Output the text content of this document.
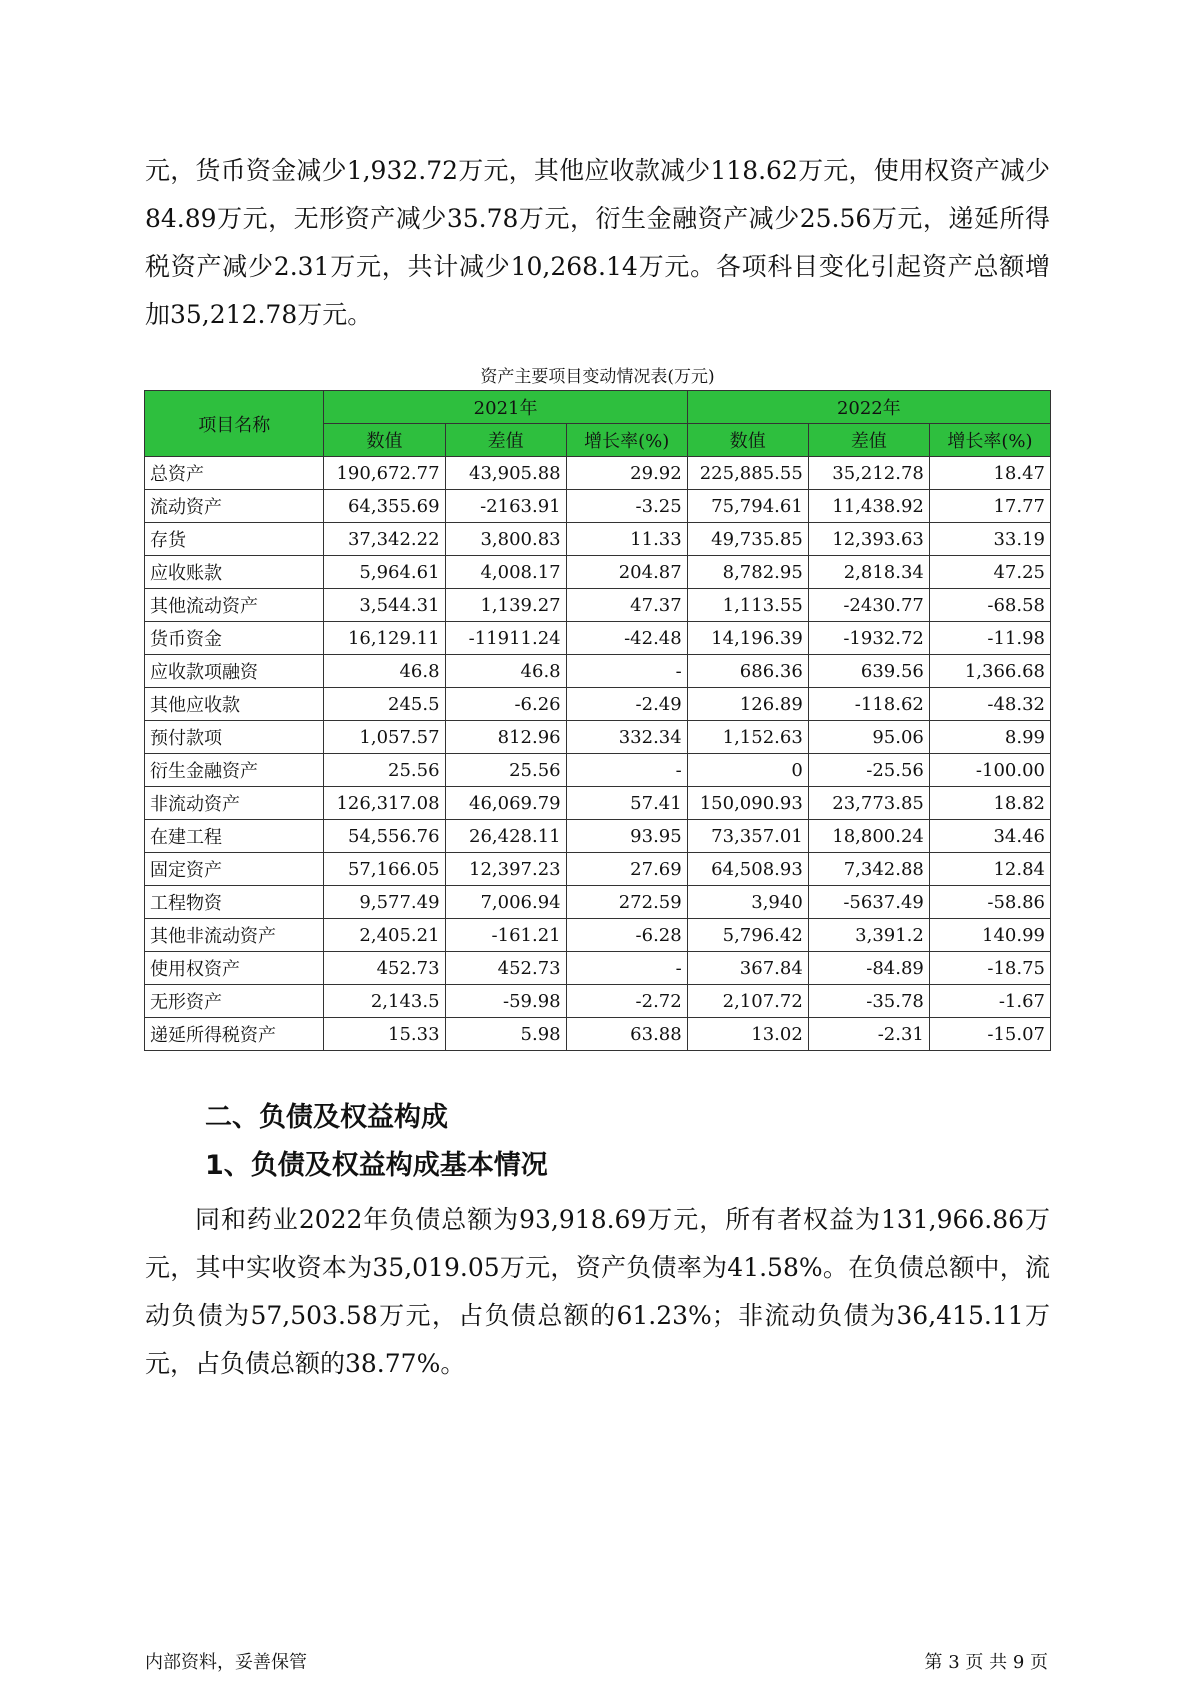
元，货币资金减少1,932.72万元，其他应收款减少118.62万元，使用权资产减少84.89万元，无形资产减少35.78万元，衍生金融资产减少25.56万元，递延所得税资产减少2.31万元，共计减少10,268.14万元。各项科目变化引起资产总额增加35,212.78万元。

资产主要项目变动情况表(万元)
项目名称	2021年			2022年		
	数值	差值	增长率(%)	数值	差值	增长率(%)
总资产	190,672.77	43,905.88	29.92	225,885.55	35,212.78	18.47
流动资产	64,355.69	-2163.91	-3.25	75,794.61	11,438.92	17.77
存货	37,342.22	3,800.83	11.33	49,735.85	12,393.63	33.19
应收账款	5,964.61	4,008.17	204.87	8,782.95	2,818.34	47.25
其他流动资产	3,544.31	1,139.27	47.37	1,113.55	-2430.77	-68.58
货币资金	16,129.11	-11911.24	-42.48	14,196.39	-1932.72	-11.98
应收款项融资	46.8	46.8	-	686.36	639.56	1,366.68
其他应收款	245.5	-6.26	-2.49	126.89	-118.62	-48.32
预付款项	1,057.57	812.96	332.34	1,152.63	95.06	8.99
衍生金融资产	25.56	25.56	-	0	-25.56	-100.00
非流动资产	126,317.08	46,069.79	57.41	150,090.93	23,773.85	18.82
在建工程	54,556.76	26,428.11	93.95	73,357.01	18,800.24	34.46
固定资产	57,166.05	12,397.23	27.69	64,508.93	7,342.88	12.84
工程物资	9,577.49	7,006.94	272.59	3,940	-5637.49	-58.86
其他非流动资产	2,405.21	-161.21	-6.28	5,796.42	3,391.2	140.99
使用权资产	452.73	452.73	-	367.84	-84.89	-18.75
无形资产	2,143.5	-59.98	-2.72	2,107.72	-35.78	-1.67
递延所得税资产	15.33	5.98	63.88	13.02	-2.31	-15.07
二、负债及权益构成
1、负债及权益构成基本情况

同和药业2022年负债总额为93,918.69万元，所有者权益为131,966.86万元，其中实收资本为35,019.05万元，资产负债率为41.58%。在负债总额中，流动负债为57,503.58万元，占负债总额的61.23%；非流动负债为36,415.11万元，占负债总额的38.77%。

内部资料，妥善保管	第 3 页 共 9 页
